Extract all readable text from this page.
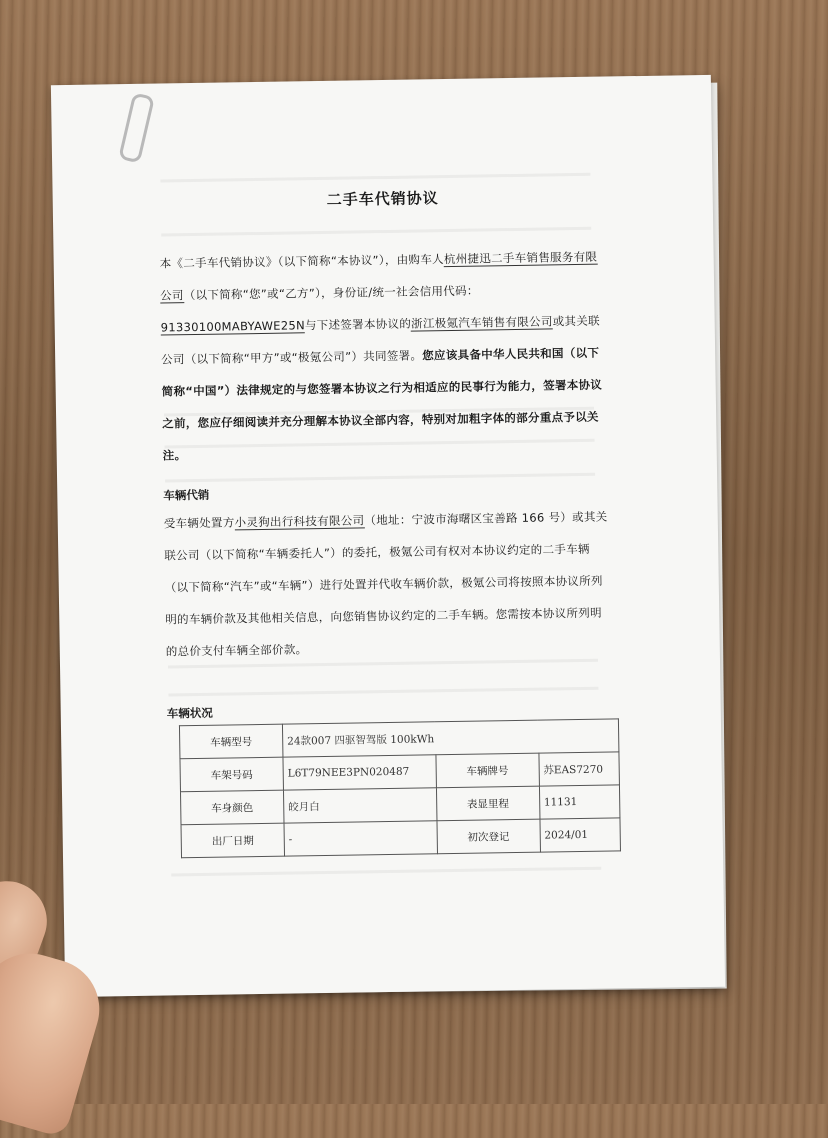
二手车代销协议
本《二手车代销协议》（以下简称“本协议”），由购车人杭州捷迅二手车销售服务有限公司（以下简称“您”或“乙方”），身份证/统一社会信用代码：91330100MABYAWE25N与下述签署本协议的浙江极氪汽车销售有限公司或其关联公司（以下简称“甲方”或“极氪公司”）共同签署。您应该具备中华人民共和国（以下简称“中国”）法律规定的与您签署本协议之行为相适应的民事行为能力，签署本协议之前，您应仔细阅读并充分理解本协议全部内容，特别对加粗字体的部分重点予以关注。
车辆代销
受车辆处置方小灵狗出行科技有限公司（地址：宁波市海曙区宝善路 166 号）或其关联公司（以下简称“车辆委托人”）的委托，极氪公司有权对本协议约定的二手车辆（以下简称“汽车”或“车辆”）进行处置并代收车辆价款，极氪公司将按照本协议所列明的车辆价款及其他相关信息，向您销售协议约定的二手车辆。您需按本协议所列明的总价支付车辆全部价款。
车辆状况
车辆型号	24款007 四驱智驾版 100kWh		
车架号码	L6T79NEE3PN020487	车辆牌号	苏EAS7270
车身颜色	皎月白	表显里程	11131
出厂日期	-	初次登记	2024/01
